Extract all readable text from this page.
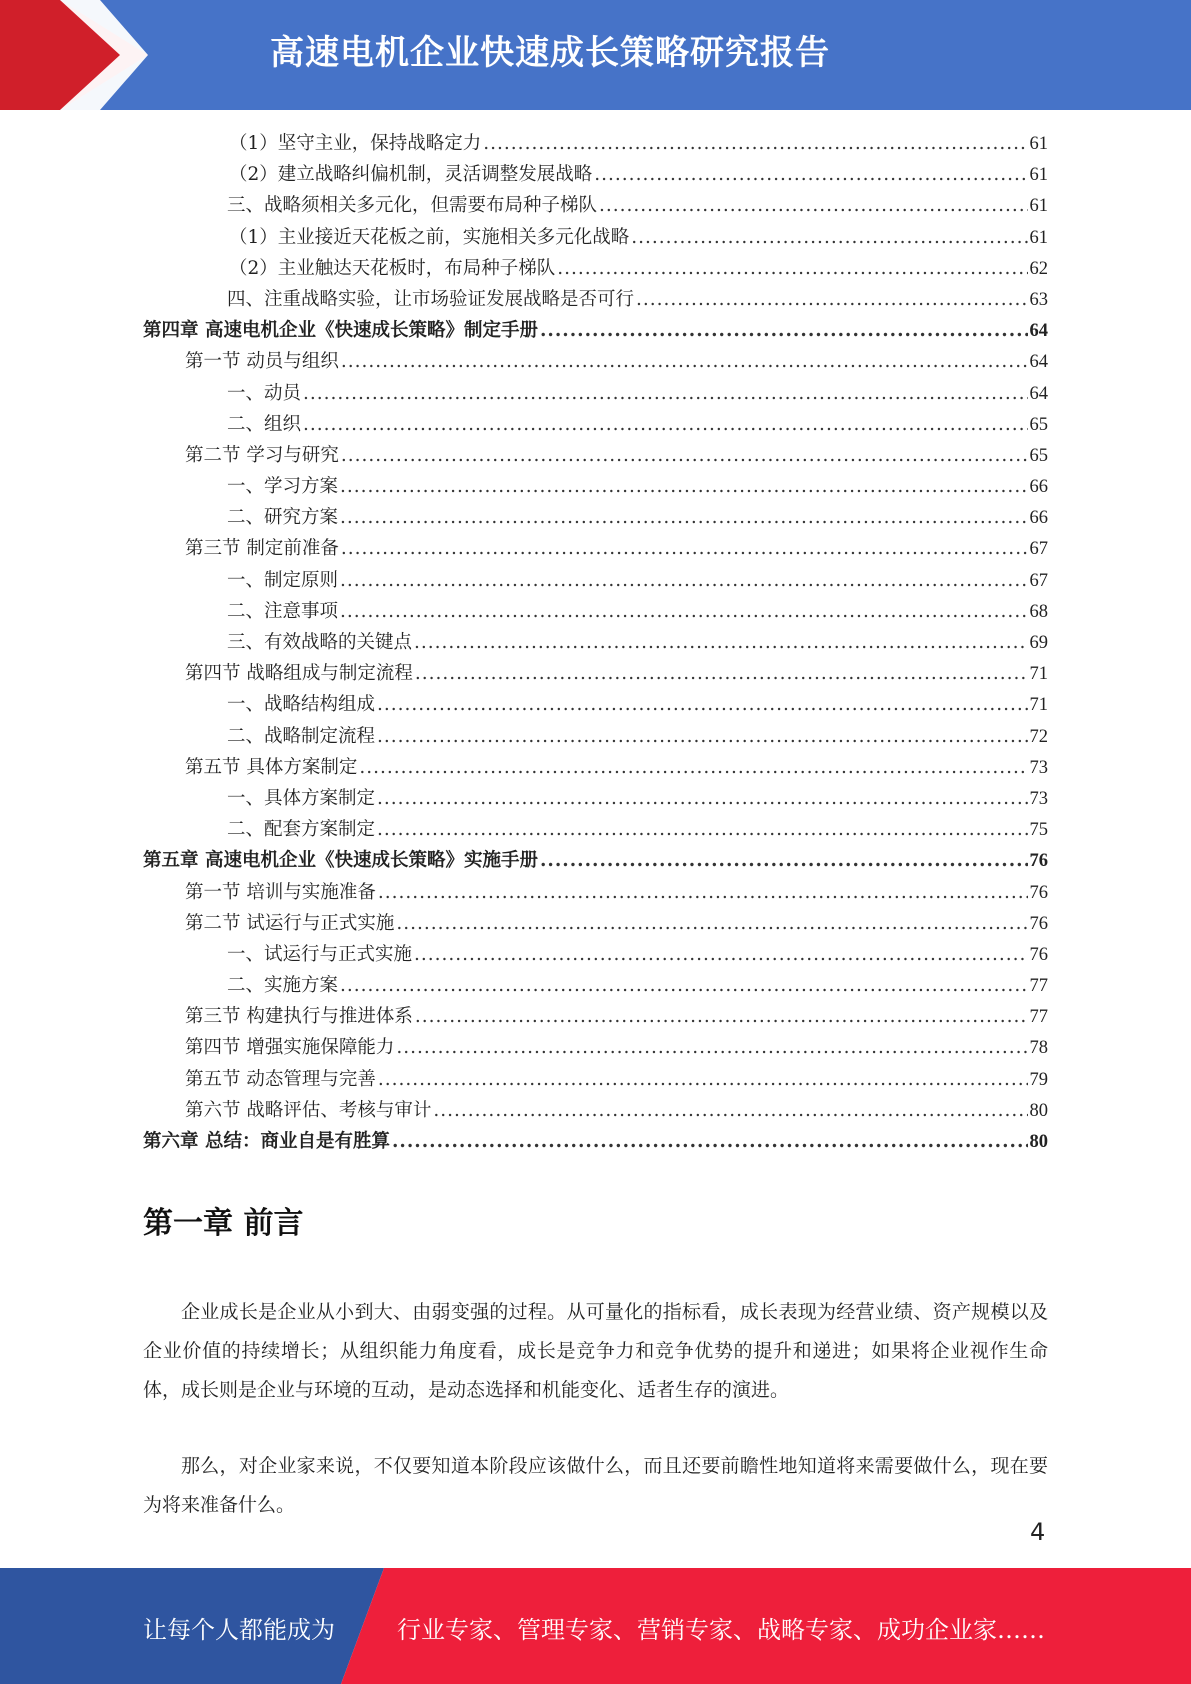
高速电机企业快速成长策略研究报告
（1）坚守主业，保持战略定力 .....	61
（2）建立战略纠偏机制，灵活调整发展战略 .....	61
三、战略须相关多元化，但需要布局种子梯队 .....	61
（1）主业接近天花板之前，实施相关多元化战略 .....	61
（2）主业触达天花板时，布局种子梯队 .....	62
四、注重战略实验，让市场验证发展战略是否可行 .....	63
第四章 高速电机企业《快速成长策略》制定手册 .....	64
第一节 动员与组织 .....	64
一、动员 .....	64
二、组织 .....	65
第二节 学习与研究 .....	65
一、学习方案 .....	66
二、研究方案 .....	66
第三节 制定前准备 .....	67
一、制定原则 .....	67
二、注意事项 .....	68
三、有效战略的关键点 .....	69
第四节 战略组成与制定流程 .....	71
一、战略结构组成 .....	71
二、战略制定流程 .....	72
第五节 具体方案制定 .....	73
一、具体方案制定 .....	73
二、配套方案制定 .....	75
第五章 高速电机企业《快速成长策略》实施手册 .....	76
第一节 培训与实施准备 .....	76
第二节 试运行与正式实施 .....	76
一、试运行与正式实施 .....	76
二、实施方案 .....	77
第三节 构建执行与推进体系 .....	77
第四节 增强实施保障能力 .....	78
第五节 动态管理与完善 .....	79
第六节 战略评估、考核与审计 .....	80
第六章 总结：商业自是有胜算 .....	80
第一章 前言

企业成长是企业从小到大、由弱变强的过程。从可量化的指标看，成长表现为经营业绩、资产规模以及企业价值的持续增长；从组织能力角度看，成长是竞争力和竞争优势的提升和递进；如果将企业视作生命体，成长则是企业与环境的互动，是动态选择和机能变化、适者生存的演进。

那么，对企业家来说，不仅要知道本阶段应该做什么，而且还要前瞻性地知道将来需要做什么，现在要为将来准备什么。

4
让每个人都能成为	行业专家、管理专家、营销专家、战略专家、成功企业家……
